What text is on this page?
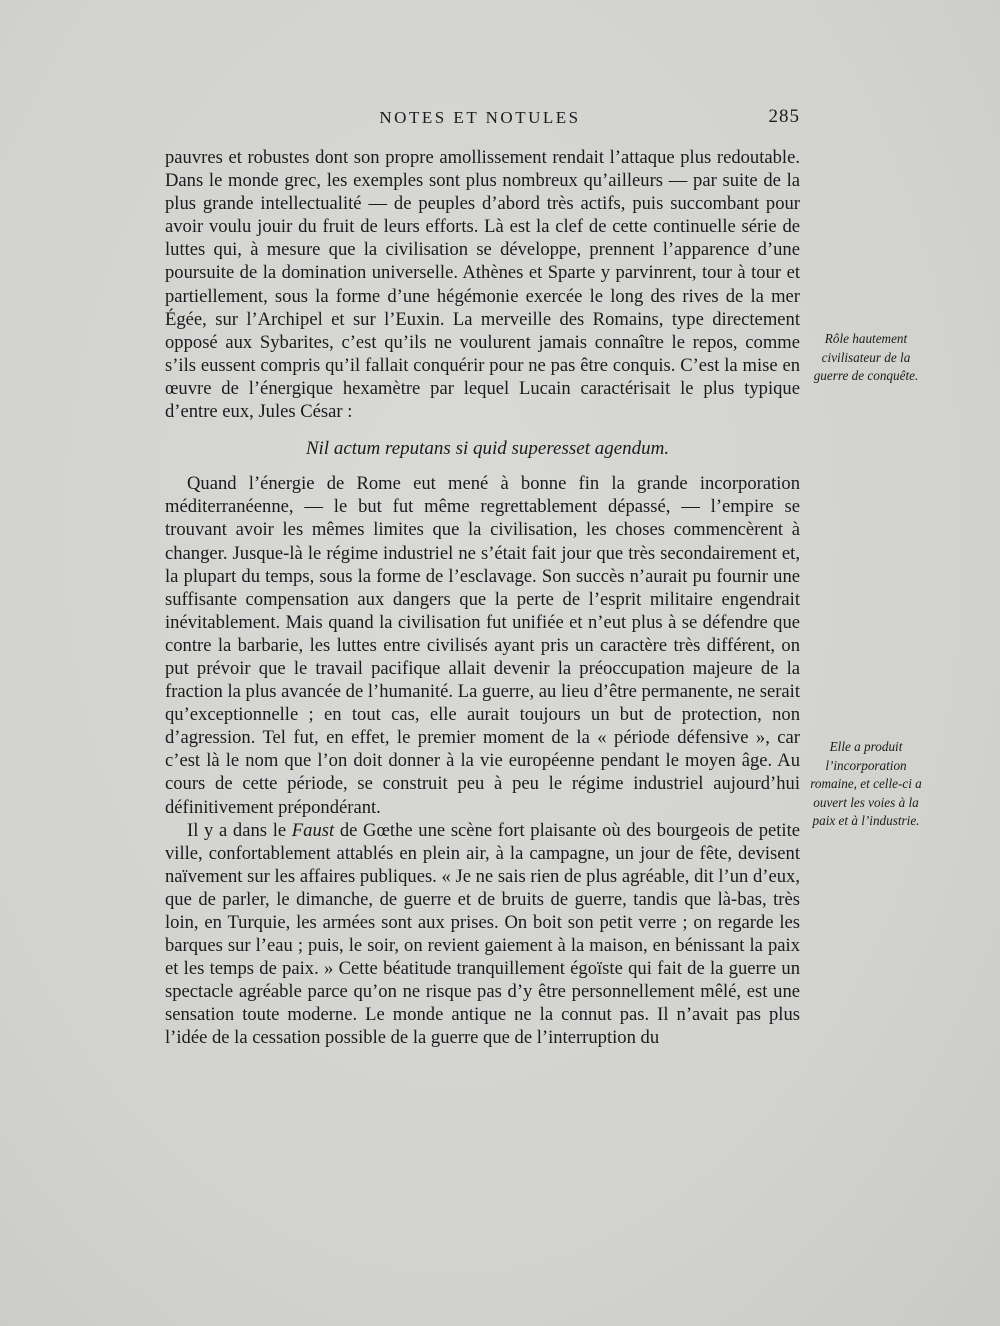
NOTES ET NOTULES	285

pauvres et robustes dont son propre amollissement rendait l’attaque plus redoutable. Dans le monde grec, les exemples sont plus nombreux qu’ailleurs — par suite de la plus grande intellectualité — de peuples d’abord très actifs, puis succombant pour avoir voulu jouir du fruit de leurs efforts. Là est la clef de cette continuelle série de luttes qui, à mesure que la civilisation se développe, prennent l’apparence d’une poursuite de la domination universelle. Athènes et Sparte y parvinrent, tour à tour et partiellement, sous la forme d’une hégémonie exercée le long des rives de la mer Égée, sur l’Archipel et sur l’Euxin. La merveille des Romains, type directement opposé aux Sybarites, c’est qu’ils ne voulurent jamais connaître le repos, comme s’ils eussent compris qu’il fallait conquérir pour ne pas être conquis. C’est la mise en œuvre de l’énergique hexamètre par lequel Lucain caractérisait le plus typique d’entre eux, Jules César :

Nil actum reputans si quid superesset agendum.

Quand l’énergie de Rome eut mené à bonne fin la grande incorporation méditerranéenne, — le but fut même regrettablement dépassé, — l’empire se trouvant avoir les mêmes limites que la civilisation, les choses commencèrent à changer. Jusque-là le régime industriel ne s’était fait jour que très secondairement et, la plupart du temps, sous la forme de l’esclavage. Son succès n’aurait pu fournir une suffisante compensation aux dangers que la perte de l’esprit militaire engendrait inévitablement. Mais quand la civilisation fut unifiée et n’eut plus à se défendre que contre la barbarie, les luttes entre civilisés ayant pris un caractère très différent, on put prévoir que le travail pacifique allait devenir la préoccupation majeure de la fraction la plus avancée de l’humanité. La guerre, au lieu d’être permanente, ne serait qu’exceptionnelle ; en tout cas, elle aurait toujours un but de protection, non d’agression. Tel fut, en effet, le premier moment de la « période défensive », car c’est là le nom que l’on doit donner à la vie européenne pendant le moyen âge. Au cours de cette période, se construit peu à peu le régime industriel aujourd’hui définitivement prépondérant.

Il y a dans le Faust de Gœthe une scène fort plaisante où des bourgeois de petite ville, confortablement attablés en plein air, à la campagne, un jour de fête, devisent naïvement sur les affaires publiques. « Je ne sais rien de plus agréable, dit l’un d’eux, que de parler, le dimanche, de guerre et de bruits de guerre, tandis que là-bas, très loin, en Turquie, les armées sont aux prises. On boit son petit verre ; on regarde les barques sur l’eau ; puis, le soir, on revient gaiement à la maison, en bénissant la paix et les temps de paix. » Cette béatitude tranquillement égoïste qui fait de la guerre un spectacle agréable parce qu’on ne risque pas d’y être personnellement mêlé, est une sensation toute moderne. Le monde antique ne la connut pas. Il n’avait pas plus l’idée de la cessation possible de la guerre que de l’interruption du

Rôle hautement civilisateur de la guerre de conquête.
Elle a produit l’incorporation romaine, et celle-ci a ouvert les voies à la paix et à l’industrie.
